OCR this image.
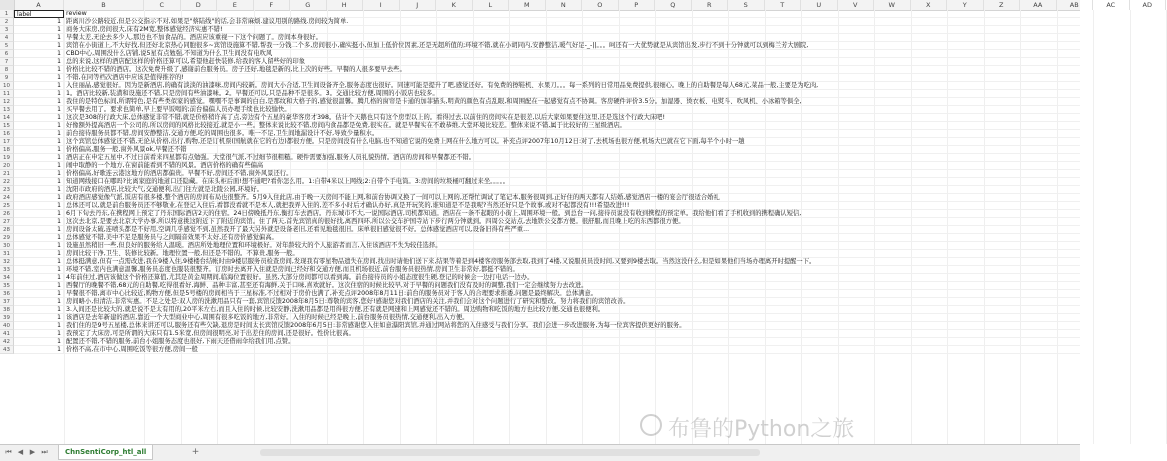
A	B	C	D	E	F	G	H	I	J	K	L	M	N	O	P	Q	R	S	T	U	V	W	X	Y	Z	AA	AB	AC	AD
1	label	review
2	1 距离川沙公路较近,但是公交指示不对,如果是"蔡陆线"的话,会非常麻烦.建议用别的路线.房间较为简单.
3	1 商务大床房,房间很大,床有2M宽,整体感觉经济实惠不错!
4	1 早餐太差,无论去多少人,那边也不加食品的。酒店应该重视一下这个问题了。房间本身很好。
5	1 宾馆在小街道上,不大好找,但还好北京热心同胞很多~宾馆设施算不错,帮我一分钱二个多,房间很小,确实挺小,但加上低价位因素,还是无超所值的;环境不错,就在小胡同内,安静整洁,暖气好足-_-||。。。呵还有一大优势就是从宾馆出发,步行不到十分钟就可以到梅兰芳大剧院,
6	1 CBD中心,周围没什么店铺,说5星有点勉强,不知道为什么卫生间没有电吹风
7	1 总的来说,这样的酒店配这样的价格还算可以,希望他赶快装修,给我的客人留些好的印象
8	1 价格比比较不错的酒店。这次免费升级了,感谢前台服务员。房子还好,地毯是新的,比上次的好些。早餐的人很多要早去些。
9	1 不错,在同等档次酒店中应该是值得推荐的!
10	1 入住丽晶,感觉很好。因为是新酒店,的确有淡淡的油漆味,房间内较新。房间大小合适,卫生间设备齐全,服务态度也很好。同速可能是提升了吧,感觉还好。有免费的擦鞋机、水果刀。。。每一系列的日常用品免费提供,很细心。晚上的自助餐是每人68元,菜品一般,主要是为吃肉,
11	1 1。酒店比较新,装潢和设施还不错,只是房间有些油漆味。2。早餐还可以,只是品种不是很多。3。交通比较方便,周围的小饭店也较多。
12	1 我住的是特色标间,所谓特色,是有些类似家的感觉。嘿嘿不是事调的白白,是那纹和大格子的,感觉很温馨。腾几格的窗帘是卡通的加菲猫头,明黄的颜色有点乱眼,和周围配在一起感觉有点不协调。客房硬件评价3.5分。加湿器、烫衣板、电熨斗、吹风机、小冰箱等俱全,
13	1 买早餐去用了。要求也简单,早上要早饭喝的;前台偏偏人员办理手续也比较愉快。
14	1 这次是308的行政大床,总体感觉非常不错,就是价格稍许高了点,旁边有个五星的豪华客房才398。估计个天鹅也只有这个房型以上的。看得过去,以前住的房间实在是很差,以后大家如果要住这里,还是选这个行政大床吧!
15	1 好像额外提高酒店一个公司的,所以房间的风格比较接近,就是小一些。整体来说比较不错,房间内食品都是免费,很实在。就是早餐实在不敢恭维,大堂环境比较差。整体来说不错,属于比较好的三星级酒店。
16	1 前台接待服务员都不错,房间安静整洁,交通方便,吃的周围也很多。唯一不足,卫生间地漏设计不好,导致少量积水。
17	1 这个宾馆总体感觉还不错,无论从价格,出行,购物,还是订机票(国航就在它的右边)都很方便。只是房间没有什么电脑,也不知道它说的免费上网在什么地方可以。补充点评2007年10月12日:对了,去机场也很方便,机场大巴就在它下面,每半个小时一趟
18	1 价格偏高,服务一般,窗外风景ok,早餐还不错
19	1 酒店正在申定五星中,不过日前看来四星都有点勉强。大堂很气派,不过细节很粗糙。硬件需要加强,服务人员礼貌热情。酒店的房间和早餐都还不错。
20	1 闹中取静的一个地方,在窗前能看到不错的风景。酒店价格的确有些偏高
21	1 价格偏高,好歌连云港这地方的酒店都偏贵。早餐不好,房间还不错,窗外风景还行。
22	1 知道网线接口在哪吗?比离家庭的地道口还隐藏。在床头柜后面!想不通吧?看你怎么用。1:自带4米以上网线;2:自带个手电筒。3:房间的垃圾桶可翻过来坐。。。。。
23	1 沈阳市政府的酒店,比较大气,交通便利,出门往左就是北陵公园,环境好。
24	1 政府酒店感觉像气派,饭店有很多楼,整个酒店的房间布局也很整齐。5月9入住此店,由于晚一天房间不能上网,和前台协调又换了一间可以上网的,还帮忙调试了笔记本,服务很周到,正好住的两天都有人结婚,感觉酒店一楼的宴会厅很适合婚礼
25	1 总体还可以,就是前台服务员还不够敬业,在登记入住后,看都没看就不是本人,就把我弄入住的,差不多小时后才确认办好,真是开玩笑的,谁知道是不是我呢?当然还好只是个故事,或对不起都没有!!!希望改进!!!
26	1 6月下旬去丹东,在携程网上预定了丹东国际酒店2天的住宿。24日傍晚抵丹东,衡打车去酒店。丹东城市不大,一说国际酒店,司机都知道。酒店在一条不起眼的小街上,周围环境一般。到总台一问,接待员说没有收到携程的预定单。我给他们看了手机收到的携程确认短信,
27	1 这次去北京,是要去北京大学办事,所以特意挑这附近下了附近的宾馆。住了两天,首先宾馆真的很好找,离西四环,所以公交车护国寺站下步行两分钟就到。四周公交站点,去地铁公交都方便。很舒服,而且晚上吃的东西都很方便。
28	1 房间设备太破,连喷头都是不好用,空调几乎感觉不到,虽然我开了最大另外就是设备老旧,还看见地毯很旧。床单很旧感觉很不好。总体感觉酒店可以,设备旧得有些严重...
29	1 总体感觉不错,美中不足是服务员与之间隔音效果不太好,还有房价感觉偏高。
30	1 设施虽然稍旧一些,但良好的服务给人温暖。酒店所处地理位置和环境极好。对年龄较大的个人旅游者而言,入住该酒店不失为较佳选择。
31	1 房间比较干净,卫生、装修比较新。地理位置一般,但还是不错的。不算贵,服务一般。
32	1 总体挺满意,但有一点需改进,我在9楼入住,9楼楼台结帐时由9楼层服务员检查房间,发现我有零星物品遗失在房间,找出时请他们送下来,结果等着是到4楼客房服务部去取,我到了4楼,又说服员员没时间,又要到9楼去取。当然这没什么,但是如果他们当场办理离开时提醒一下。
33	1 环境不错,室内也满意温馨,服务员态度也服装很整齐。订房时去离开入住就是房间已经好和交通方便,而且机场很近,前台服务员很热情,房间卫生非常好,都挺不错的。
34	1 4年前住过,酒店该做这个价格还算值,尤其是黄金周期间,临海位置很好。虽然,大部分房间都可以看到海。前台接待员的小姐态度很生硬,登记的时候会一边打电话一边办。
35	1 西餐厅的晚餐不错,68元的自助餐,吃得很看好,海鲜、品种丰富,甚至还有海鲜,关于口味,喜欢就好。这次住宿的时候比较早,对于早餐的问题我们没有及时的调整,我们一定会继续努力去改进。
36	1 早餐很不错,离市中心比较近,购物方便,但是5号楼的房间相当于三星标准,不过相对于房价也满了,补充点评2008年8月11日:前台的服务员对于客人的合理要求推诿,问题是最终解决。总体满意。
37	1 房间略小,但清洁,非常实惠。不足之处是:双人房的洗漱用品只有一套,宾馆反馈2008年8月5日:尊敬的宾客,您好!感谢您对我们酒店的关注,并我们会对这个问题进行了研究和整改。努力将我们的宾馆改善。
38	1 3.入间还是比较大的,就是说不是太有用的,20平米左右,而且入住的时候,比较安静,洗漱用品都是用得很方便,还有就是网速和上网感觉还不错的。周边购物和吃饭的地方也比较方便,交通也很便利。
39	1 该酒店是去年新建的酒店,靠近一个大型商业中心,周围有很多吃饭的地方,非常好。入住的时候已经是晚上,前台服务员很热情,交通便利,出入方便。
40	1 我们住的是9号五星楼,总体来讲还可以,服务还有些欠缺,退房是时间太长宾馆反馈2008年6月5日:非常感谢您入住如意瀑阳宾馆,并通过网站将您的入住感受与我们分享。我们会进一步改进服务,为每一位宾客提供更好的服务。
41	1 我预定了大床房,可是所谓的大床只有1.5米宽,但房间很明亮,对于出差住的房间,还是很好。性价比很高。
42	1 配置还不错,不错的服务,前台小姐服务态度也很好,下雨天还借雨伞给我们用,点赞。
43	1 价格不高,在市中心,周围吃饭等很方便,房间一般
布鲁的Python之旅
⏮ ◀ ▶ ⏭	ChnSentiCorp_htl_all	+
